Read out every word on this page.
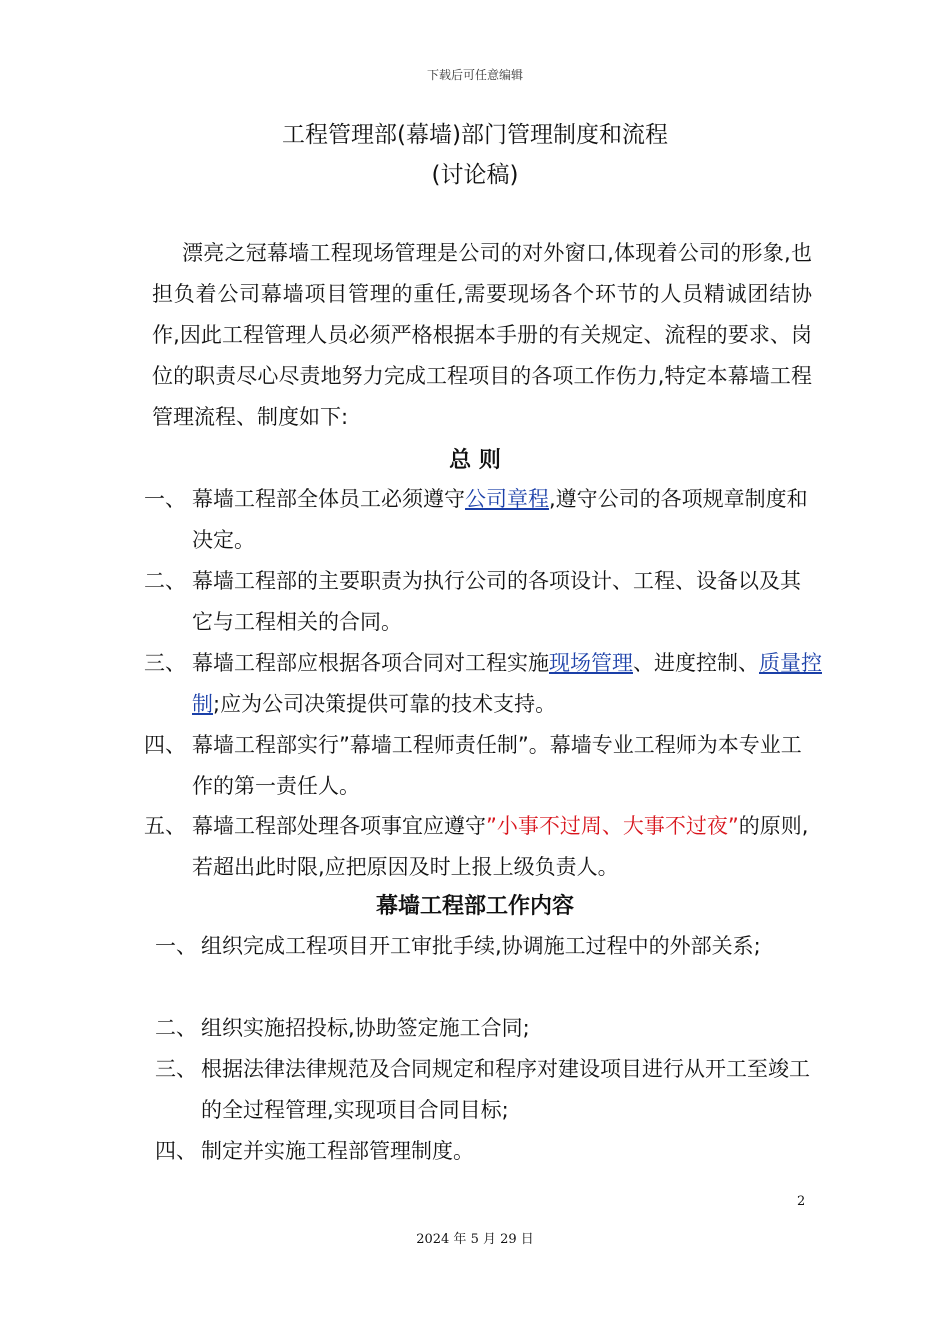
下载后可任意编辑
工程管理部(幕墙)部门管理制度和流程
(讨论稿)

漂亮之冠幕墙工程现场管理是公司的对外窗口,体现着公司的形象,也担负着公司幕墙项目管理的重任,需要现场各个环节的人员精诚团结协作,因此工程管理人员必须严格根据本手册的有关规定、流程的要求、岗位的职责尽心尽责地努力完成工程项目的各项工作伤力,特定本幕墙工程管理流程、制度如下:

总 则
一、 幕墙工程部全体员工必须遵守公司章程,遵守公司的各项规章制度和决定。
二、 幕墙工程部的主要职责为执行公司的各项设计、工程、设备以及其它与工程相关的合同。
三、 幕墙工程部应根据各项合同对工程实施现场管理、进度控制、质量控制;应为公司决策提供可靠的技术支持。
四、 幕墙工程部实行”幕墙工程师责任制”。幕墙专业工程师为本专业工作的第一责任人。
五、 幕墙工程部处理各项事宜应遵守”小事不过周、大事不过夜”的原则,若超出此时限,应把原因及时上报上级负责人。
幕墙工程部工作内容
一、 组织完成工程项目开工审批手续,协调施工过程中的外部关系;
二、 组织实施招投标,协助签定施工合同;
三、 根据法律法律规范及合同规定和程序对建设项目进行从开工至竣工的全过程管理,实现项目合同目标;
四、 制定并实施工程部管理制度。
2
2024 年 5 月 29 日
